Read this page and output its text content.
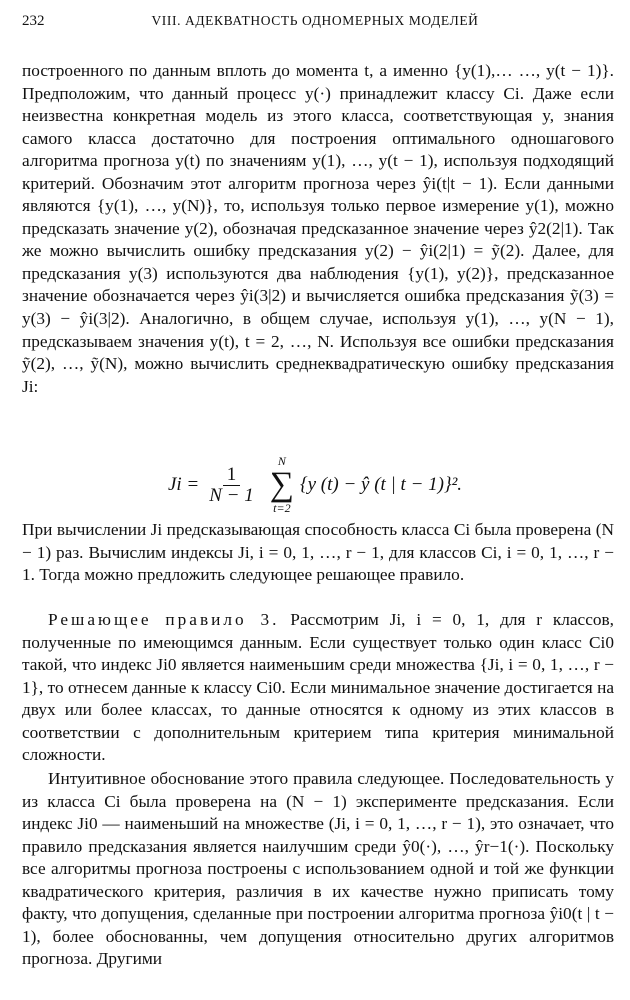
232	VIII. АДЕКВАТНОСТЬ ОДНОМЕРНЫХ МОДЕЛЕЙ

построенного по данным вплоть до момента t, а именно {y(1),… …, y(t − 1)}. Предположим, что данный процесс y(·) принадлежит классу Ci. Даже если неизвестна конкретная модель из этого класса, соответствующая y, знания самого класса достаточно для построения оптимального одношагового алгоритма прогноза y(t) по значениям y(1), …, y(t − 1), используя подходящий критерий. Обозначим этот алгоритм прогноза через ŷi(t|t − 1). Если данными являются {y(1), …, y(N)}, то, используя только первое измерение y(1), можно предсказать значение y(2), обозначая предсказанное значение через ŷ2(2|1). Так же можно вычислить ошибку предсказания y(2) − ŷi(2|1) = ỹ(2). Далее, для предсказания y(3) используются два наблюдения {y(1), y(2)}, предсказанное значение обозначается через ŷi(3|2) и вычисляется ошибка предсказания ỹ(3) = y(3) − ŷi(3|2). Аналогично, в общем случае, используя y(1), …, y(N − 1), предсказываем значения y(t), t = 2, …, N. Используя все ошибки предсказания ỹ(2), …, ỹ(N), можно вычислить среднеквадратическую ошибку предсказания Ji:

$Ji = \frac{1}{N - 1}$
N
∑
t=2
{y (t) − ŷ (t | t − 1)}².

При вычислении Ji предсказывающая способность класса Ci была проверена (N − 1) раз. Вычислим индексы Ji, i = 0, 1, …, r − 1, для классов Ci, i = 0, 1, …, r − 1. Тогда можно предложить следующее решающее правило.

Решающее правило 3. Рассмотрим Ji, i = 0, 1, для r классов, полученные по имеющимся данным. Если существует только один класс Ci0 такой, что индекс Ji0 является наименьшим среди множества {Ji, i = 0, 1, …, r − 1}, то отнесем данные к классу Ci0. Если минимальное значение достигается на двух или более классах, то данные относятся к одному из этих классов в соответствии с дополнительным критерием типа критерия минимальной сложности.

Интуитивное обоснование этого правила следующее. Последовательность y из класса Ci была проверена на (N − 1) эксперименте предсказания. Если индекс Ji0 — наименьший на множестве (Ji, i = 0, 1, …, r − 1), это означает, что правило предсказания является наилучшим среди ŷ0(·), …, ŷr−1(·). Поскольку все алгоритмы прогноза построены с использованием одной и той же функции квадратического критерия, различия в их качестве нужно приписать тому факту, что допущения, сделанные при построении алгоритма прогноза ŷi0(t | t − 1), более обоснованны, чем допущения относительно других алгоритмов прогноза. Другими
